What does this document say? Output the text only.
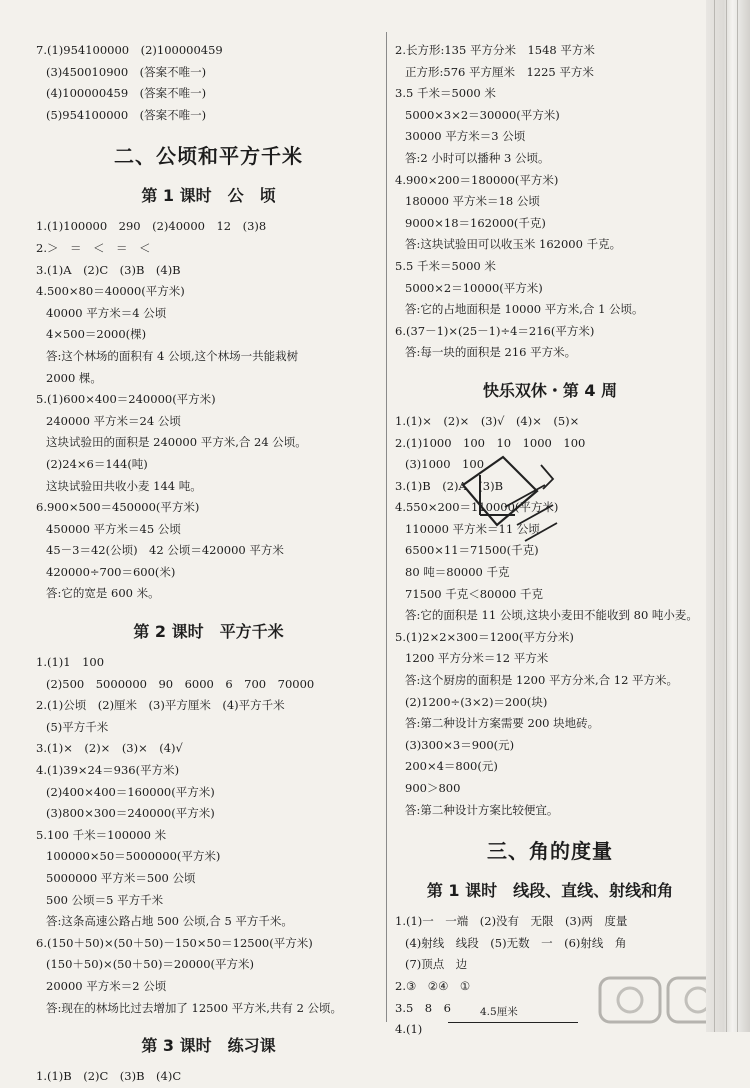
7.(1)954100000　(2)100000459

(3)450010900　(答案不唯一)

(4)100000459　(答案不唯一)

(5)954100000　(答案不唯一)

二、公顷和平方千米
第 1 课时　公　顷

1.(1)100000　290　(2)40000　12　(3)8

2.＞　＝　＜　＝　＜

3.(1)A　(2)C　(3)B　(4)B

4.500×80＝40000(平方米)

40000 平方米＝4 公顷

4×500＝2000(棵)

答:这个林场的面积有 4 公顷,这个林场一共能栽树

2000 棵。

5.(1)600×400＝240000(平方米)

240000 平方米＝24 公顷

这块试验田的面积是 240000 平方米,合 24 公顷。

(2)24×6＝144(吨)

这块试验田共收小麦 144 吨。

6.900×500＝450000(平方米)

450000 平方米＝45 公顷

45－3＝42(公顷)　42 公顷＝420000 平方米

420000÷700＝600(米)

答:它的宽是 600 米。

第 2 课时　平方千米

1.(1)1　100

(2)500　5000000　90　6000　6　700　70000

2.(1)公顷　(2)厘米　(3)平方厘米　(4)平方千米

(5)平方千米

3.(1)×　(2)×　(3)×　(4)√

4.(1)39×24＝936(平方米)

(2)400×400＝160000(平方米)

(3)800×300＝240000(平方米)

5.100 千米＝100000 米

100000×50＝5000000(平方米)

5000000 平方米＝500 公顷

500 公顷＝5 平方千米

答:这条高速公路占地 500 公顷,合 5 平方千米。

6.(150＋50)×(50＋50)－150×50＝12500(平方米)

(150＋50)×(50＋50)＝20000(平方米)

20000 平方米＝2 公顷

答:现在的林场比过去增加了 12500 平方米,共有 2 公顷。

第 3 课时　练习课

1.(1)B　(2)C　(3)B　(4)C

2.长方形:135 平方分米　1548 平方米

正方形:576 平方厘米　1225 平方米

3.5 千米＝5000 米

5000×3×2＝30000(平方米)

30000 平方米＝3 公顷

答:2 小时可以播种 3 公顷。

4.900×200＝180000(平方米)

180000 平方米＝18 公顷

9000×18＝162000(千克)

答:这块试验田可以收玉米 162000 千克。

5.5 千米＝5000 米

5000×2＝10000(平方米)

答:它的占地面积是 10000 平方米,合 1 公顷。

6.(37－1)×(25－1)÷4＝216(平方米)

答:每一块的面积是 216 平方米。

快乐双休・第 4 周

1.(1)×　(2)×　(3)√　(4)×　(5)×

2.(1)1000　100　10　1000　100

(3)1000　100

3.(1)B　(2)A　(3)B

4.550×200＝110000(平方米)

110000 平方米＝11 公顷

6500×11＝71500(千克)

80 吨＝80000 千克

71500 千克＜80000 千克

答:它的面积是 11 公顷,这块小麦田不能收到 80 吨小麦。

5.(1)2×2×300＝1200(平方分米)

1200 平方分米＝12 平方米

答:这个厨房的面积是 1200 平方分米,合 12 平方米。

(2)1200÷(3×2)＝200(块)

答:第二种设计方案需要 200 块地砖。

(3)300×3＝900(元)

200×4＝800(元)

900＞800

答:第二种设计方案比较便宜。

三、角的度量
第 1 课时　线段、直线、射线和角

1.(1)一　一端　(2)没有　无限　(3)两　度量

(4)射线　线段　(5)无数　一　(6)射线　角

(7)顶点　边

2.③　②④　①

3.5　8　6

4.(1)

4.5厘米
